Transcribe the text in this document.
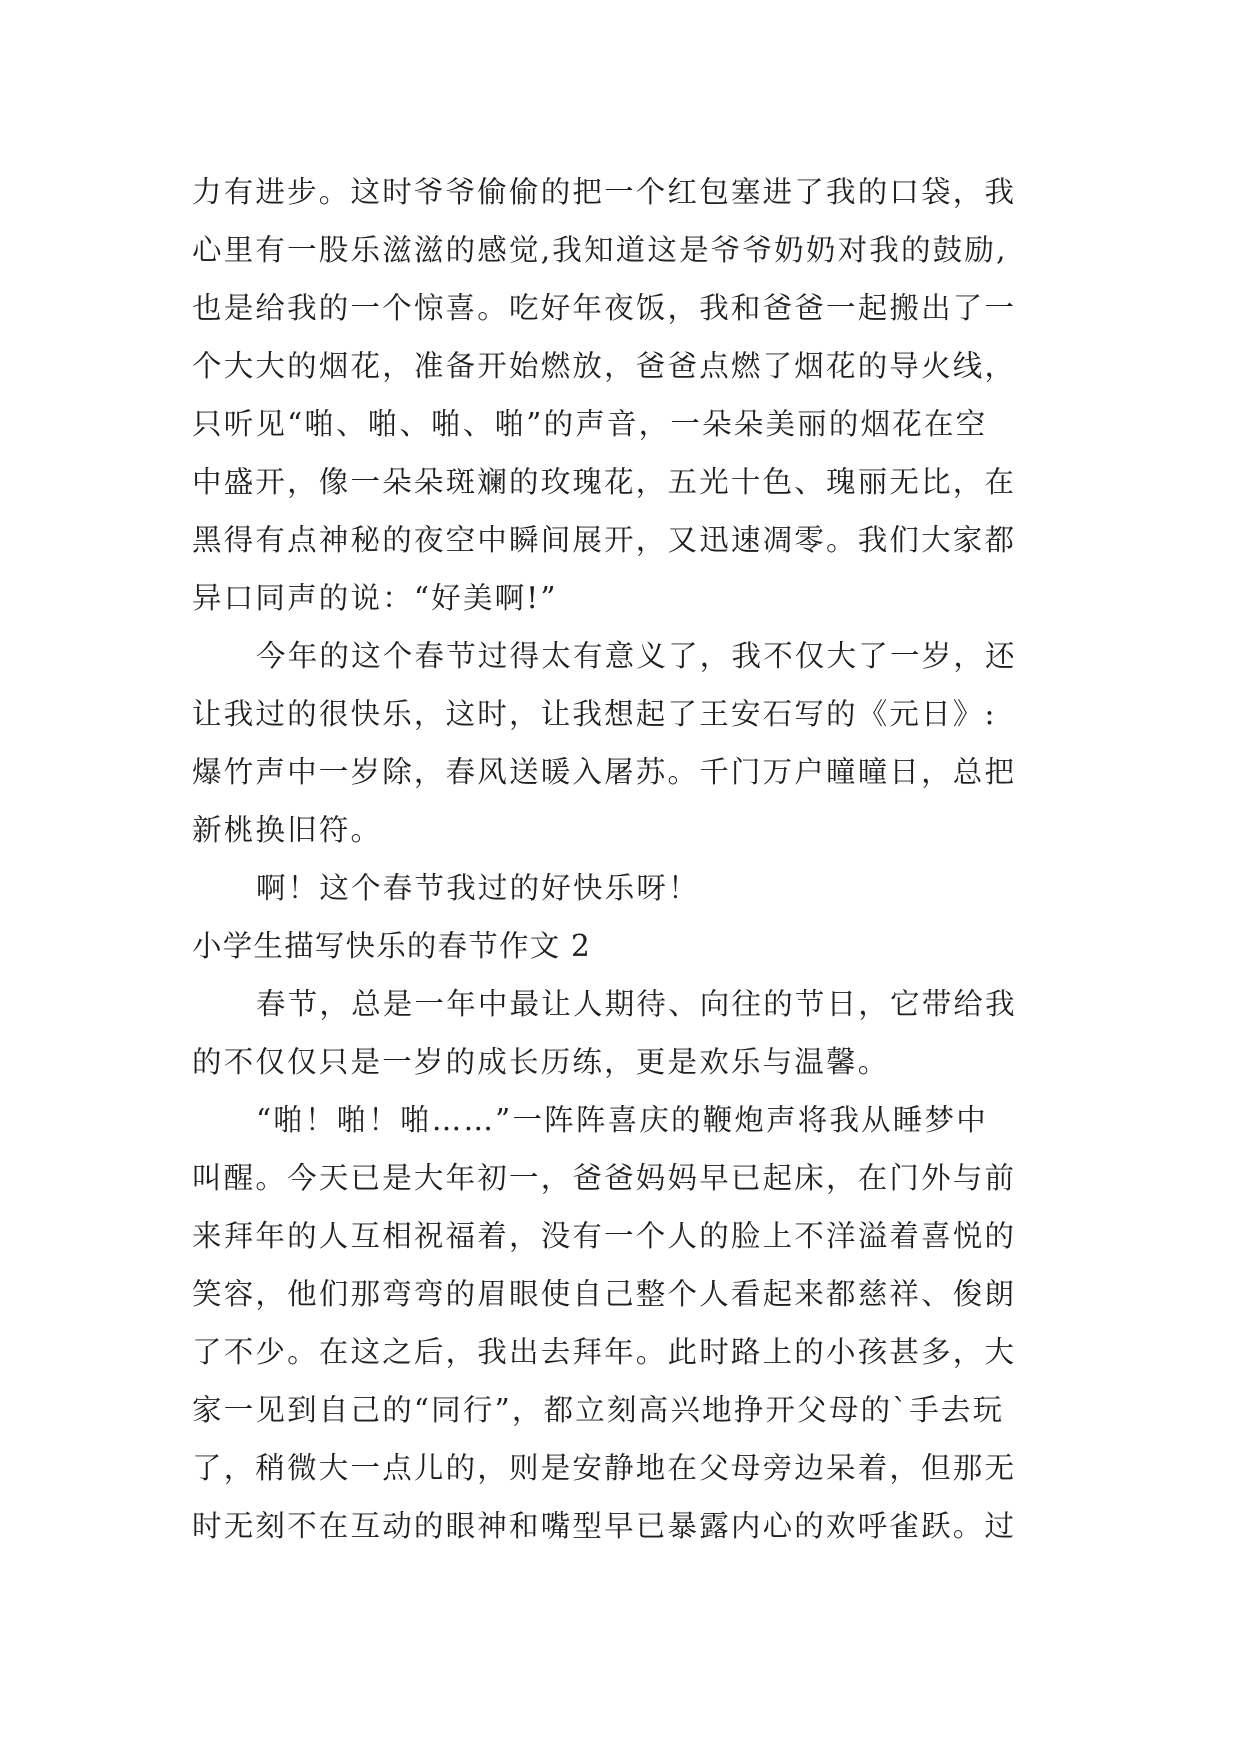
力有进步。这时爷爷偷偷的把一个红包塞进了我的口袋，我
心里有一股乐滋滋的感觉,我知道这是爷爷奶奶对我的鼓励,
也是给我的一个惊喜。吃好年夜饭，我和爸爸一起搬出了一
个大大的烟花，准备开始燃放，爸爸点燃了烟花的导火线，
只听见“啪、啪、啪、啪”的声音，一朵朵美丽的烟花在空
中盛开，像一朵朵斑斓的玫瑰花，五光十色、瑰丽无比，在
黑得有点神秘的夜空中瞬间展开，又迅速凋零。我们大家都
异口同声的说：“好美啊!”
今年的这个春节过得太有意义了，我不仅大了一岁，还
让我过的很快乐，这时，让我想起了王安石写的《元日》:
爆竹声中一岁除，春风送暖入屠苏。千门万户曈曈日，总把
新桃换旧符。
啊！这个春节我过的好快乐呀！
小学生描写快乐的春节作文 2
春节，总是一年中最让人期待、向往的节日，它带给我
的不仅仅只是一岁的成长历练，更是欢乐与温馨。
“啪！啪！啪……”一阵阵喜庆的鞭炮声将我从睡梦中
叫醒。今天已是大年初一，爸爸妈妈早已起床，在门外与前
来拜年的人互相祝福着，没有一个人的脸上不洋溢着喜悦的
笑容，他们那弯弯的眉眼使自己整个人看起来都慈祥、俊朗
了不少。在这之后，我出去拜年。此时路上的小孩甚多，大
家一见到自己的“同行”，都立刻高兴地挣开父母的`手去玩
了，稍微大一点儿的，则是安静地在父母旁边呆着，但那无
时无刻不在互动的眼神和嘴型早已暴露内心的欢呼雀跃。过
